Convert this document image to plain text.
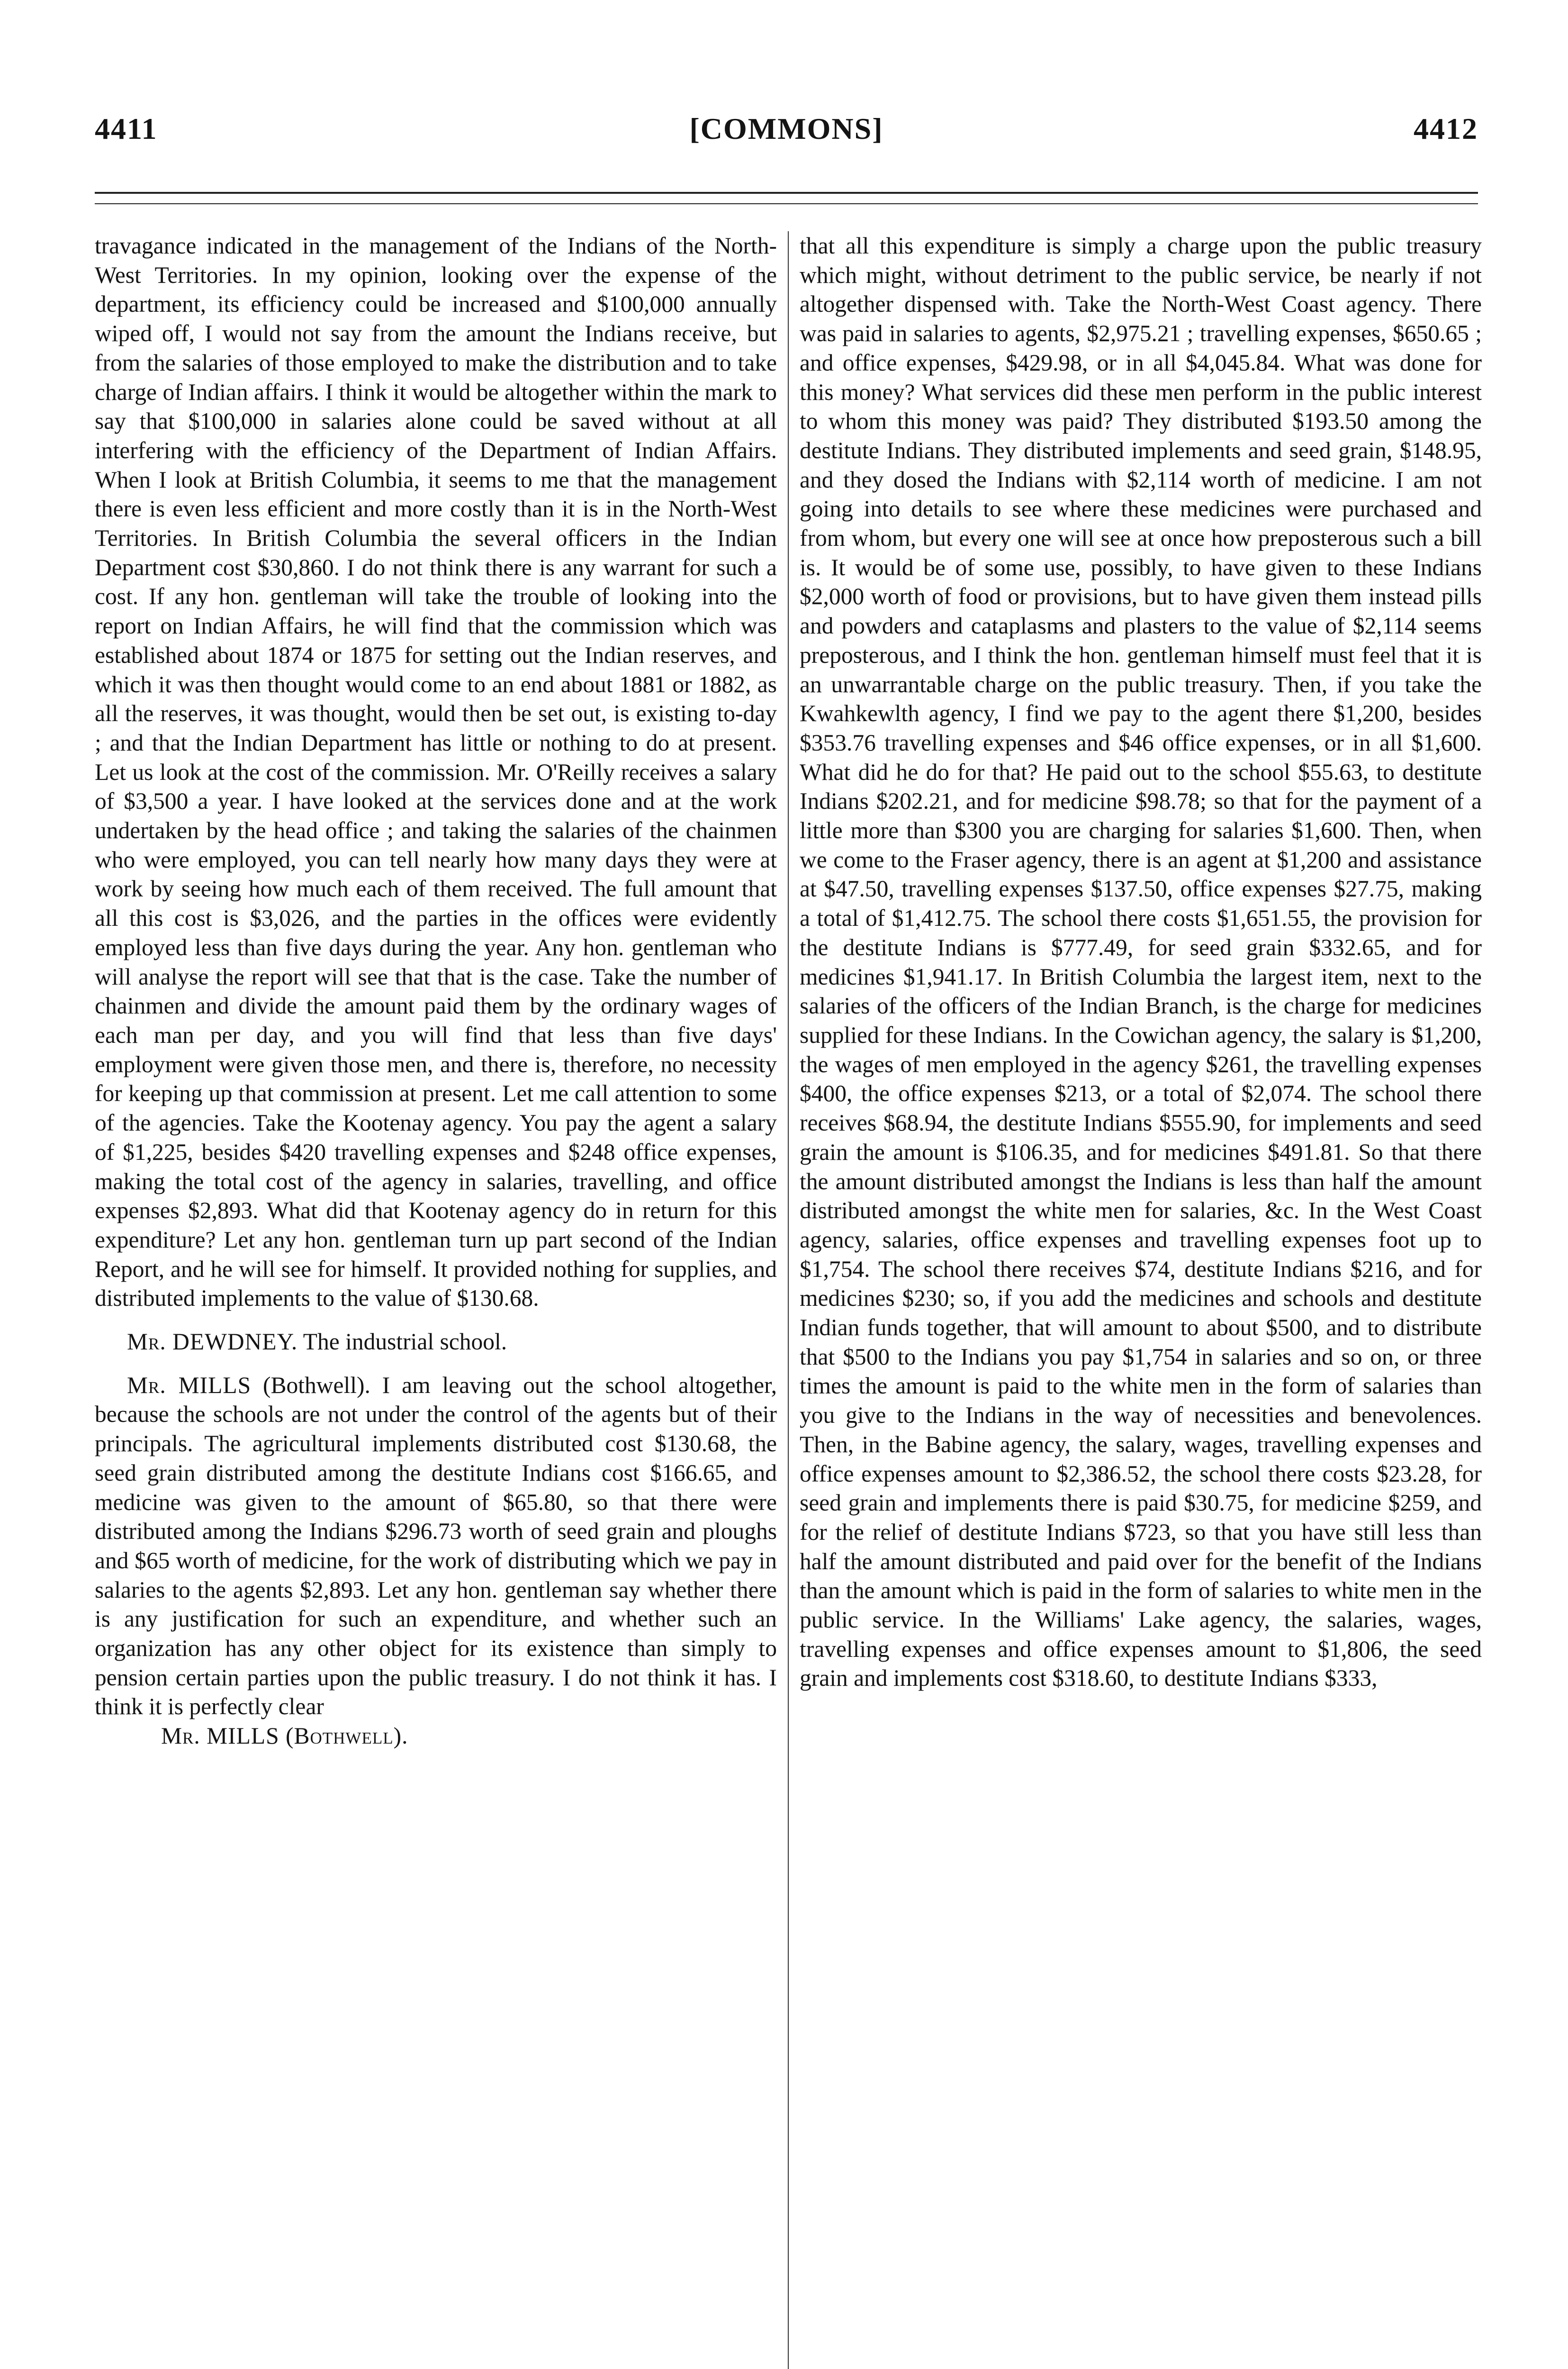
4411	[COMMONS]	4412

travagance indicated in the management of the Indians of the North-West Territories. In my opinion, looking over the expense of the department, its efficiency could be increased and $100,000 annually wiped off, I would not say from the amount the Indians receive, but from the salaries of those employed to make the distribution and to take charge of Indian affairs. I think it would be altogether within the mark to say that $100,000 in salaries alone could be saved without at all interfering with the efficiency of the Department of Indian Affairs. When I look at British Columbia, it seems to me that the management there is even less efficient and more costly than it is in the North-West Territories. In British Columbia the several officers in the Indian Department cost $30,860. I do not think there is any warrant for such a cost. If any hon. gentleman will take the trouble of looking into the report on Indian Affairs, he will find that the commission which was established about 1874 or 1875 for setting out the Indian reserves, and which it was then thought would come to an end about 1881 or 1882, as all the reserves, it was thought, would then be set out, is existing to-day ; and that the Indian Department has little or nothing to do at present. Let us look at the cost of the commission. Mr. O'Reilly receives a salary of $3,500 a year. I have looked at the services done and at the work undertaken by the head office ; and taking the salaries of the chainmen who were employed, you can tell nearly how many days they were at work by seeing how much each of them received. The full amount that all this cost is $3,026, and the parties in the offices were evidently employed less than five days during the year. Any hon. gentleman who will analyse the report will see that that is the case. Take the number of chainmen and divide the amount paid them by the ordinary wages of each man per day, and you will find that less than five days' employment were given those men, and there is, therefore, no necessity for keeping up that commission at present. Let me call attention to some of the agencies. Take the Kootenay agency. You pay the agent a salary of $1,225, besides $420 travelling expenses and $248 office expenses, making the total cost of the agency in salaries, travelling, and office expenses $2,893. What did that Kootenay agency do in return for this expenditure? Let any hon. gentleman turn up part second of the Indian Report, and he will see for himself. It provided nothing for supplies, and distributed implements to the value of $130.68.

Mr. DEWDNEY. The industrial school.

Mr. MILLS (Bothwell). I am leaving out the school altogether, because the schools are not under the control of the agents but of their principals. The agricultural implements distributed cost $130.68, the seed grain distributed among the destitute Indians cost $166.65, and medicine was given to the amount of $65.80, so that there were distributed among the Indians $296.73 worth of seed grain and ploughs and $65 worth of medicine, for the work of distributing which we pay in salaries to the agents $2,893. Let any hon. gentleman say whether there is any justification for such an expenditure, and whether such an organization has any other object for its existence than simply to pension certain parties upon the public treasury. I do not think it has. I think it is perfectly clear

Mr. MILLS (Bothwell).

that all this expenditure is simply a charge upon the public treasury which might, without detriment to the public service, be nearly if not altogether dispensed with. Take the North-West Coast agency. There was paid in salaries to agents, $2,975.21 ; travelling expenses, $650.65 ; and office expenses, $429.98, or in all $4,045.84. What was done for this money? What services did these men perform in the public interest to whom this money was paid? They distributed $193.50 among the destitute Indians. They distributed implements and seed grain, $148.95, and they dosed the Indians with $2,114 worth of medicine. I am not going into details to see where these medicines were purchased and from whom, but every one will see at once how preposterous such a bill is. It would be of some use, possibly, to have given to these Indians $2,000 worth of food or provisions, but to have given them instead pills and powders and cataplasms and plasters to the value of $2,114 seems preposterous, and I think the hon. gentleman himself must feel that it is an unwarrantable charge on the public treasury. Then, if you take the Kwahkewlth agency, I find we pay to the agent there $1,200, besides $353.76 travelling expenses and $46 office expenses, or in all $1,600. What did he do for that? He paid out to the school $55.63, to destitute Indians $202.21, and for medicine $98.78; so that for the payment of a little more than $300 you are charging for salaries $1,600. Then, when we come to the Fraser agency, there is an agent at $1,200 and assistance at $47.50, travelling expenses $137.50, office expenses $27.75, making a total of $1,412.75. The school there costs $1,651.55, the provision for the destitute Indians is $777.49, for seed grain $332.65, and for medicines $1,941.17. In British Columbia the largest item, next to the salaries of the officers of the Indian Branch, is the charge for medicines supplied for these Indians. In the Cowichan agency, the salary is $1,200, the wages of men employed in the agency $261, the travelling expenses $400, the office expenses $213, or a total of $2,074. The school there receives $68.94, the destitute Indians $555.90, for implements and seed grain the amount is $106.35, and for medicines $491.81. So that there the amount distributed amongst the Indians is less than half the amount distributed amongst the white men for salaries, &c. In the West Coast agency, salaries, office expenses and travelling expenses foot up to $1,754. The school there receives $74, destitute Indians $216, and for medicines $230; so, if you add the medicines and schools and destitute Indian funds together, that will amount to about $500, and to distribute that $500 to the Indians you pay $1,754 in salaries and so on, or three times the amount is paid to the white men in the form of salaries than you give to the Indians in the way of necessities and benevolences. Then, in the Babine agency, the salary, wages, travelling expenses and office expenses amount to $2,386.52, the school there costs $23.28, for seed grain and implements there is paid $30.75, for medicine $259, and for the relief of destitute Indians $723, so that you have still less than half the amount distributed and paid over for the benefit of the Indians than the amount which is paid in the form of salaries to white men in the public service. In the Williams' Lake agency, the salaries, wages, travelling expenses and office expenses amount to $1,806, the seed grain and implements cost $318.60, to destitute Indians $333,
